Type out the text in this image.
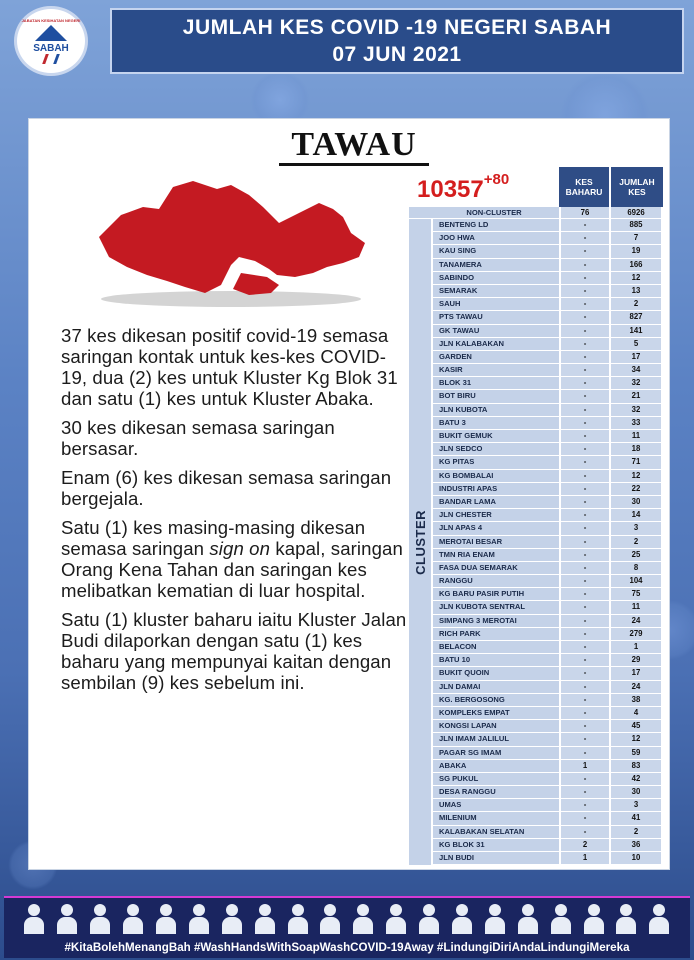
JABATAN KESIHATAN NEGERI
SABAH
JUMLAH KES COVID -19 NEGERI SABAH
07 JUN 2021
TAWAU

37 kes dikesan positif covid-19 semasa saringan kontak untuk kes-kes COVID-19, dua (2) kes untuk Kluster Kg Blok 31 dan satu (1) kes untuk Kluster Abaka.

30 kes dikesan semasa saringan bersasar.

Enam (6) kes dikesan semasa saringan bergejala.

Satu (1) kes masing-masing dikesan semasa saringan sign on kapal, saringan Orang Kena Tahan dan saringan kes melibatkan kematian di luar hospital.

Satu (1) kluster baharu iaitu Kluster Jalan Budi dilaporkan dengan satu (1) kes baharu yang mempunyai kaitan dengan sembilan (9) kes sebelum ini.

$10357^{+80}$	KES BAHARU
JUMLAH KES
NON-CLUSTER	76	6926
CLUSTER
BENTENG LD	-	885
JOO HWA	-	7
KAU SING	-	19
TANAMERA	-	166
SABINDO	-	12
SEMARAK	-	13
SAUH	-	2
PTS TAWAU	-	827
GK TAWAU	-	141
JLN KALABAKAN	-	5
GARDEN	-	17
KASIR	-	34
BLOK 31	-	32
BOT BIRU	-	21
JLN KUBOTA	-	32
BATU 3	-	33
BUKIT GEMUK	-	11
JLN SEDCO	-	18
KG PITAS	-	71
KG BOMBALAI	-	12
INDUSTRI APAS	-	22
BANDAR LAMA	-	30
JLN CHESTER	-	14
JLN APAS 4	-	3
MEROTAI BESAR	-	2
TMN RIA ENAM	-	25
FASA DUA SEMARAK	-	8
RANGGU	-	104
KG BARU PASIR PUTIH	-	75
JLN KUBOTA SENTRAL	-	11
SIMPANG 3 MEROTAI	-	24
RICH PARK	-	279
BELACON	-	1
BATU 10	-	29
BUKIT QUOIN	-	17
JLN DAMAI	-	24
KG. BERGOSONG	-	38
KOMPLEKS EMPAT	-	4
KONGSI LAPAN	-	45
JLN IMAM JALILUL	-	12
PAGAR SG IMAM	-	59
ABAKA	1	83
SG PUKUL	-	42
DESA RANGGU	-	30
UMAS	-	3
MILENIUM	-	41
KALABAKAN SELATAN	-	2
KG BLOK 31	2	36
JLN BUDI	1	10
#KitaBolehMenangBah #WashHandsWithSoapWashCOVID-19Away #LindungiDiriAndaLindungiMereka
